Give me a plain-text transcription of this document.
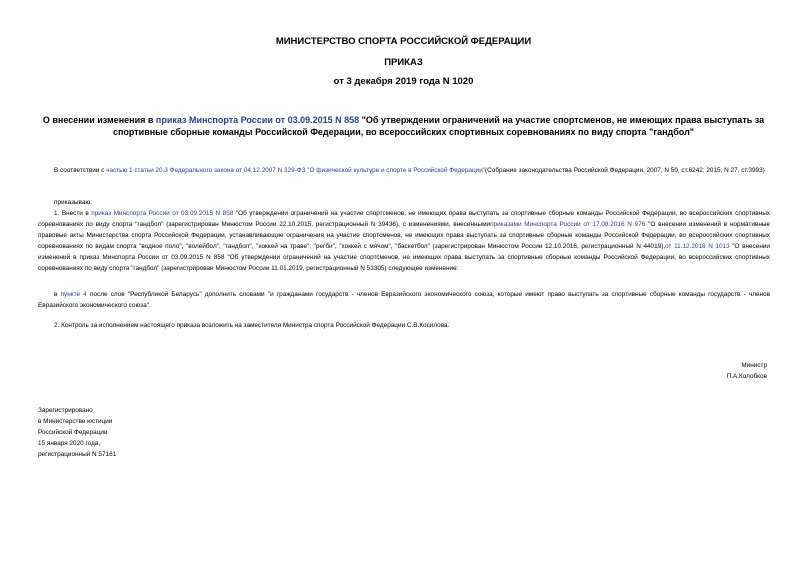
МИНИСТЕРСТВО СПОРТА РОССИЙСКОЙ ФЕДЕРАЦИИ
ПРИКАЗ
от 3 декабря 2019 года N 1020
О внесении изменения в приказ Минспорта России от 03.09.2015 N 858 "Об утверждении ограничений на участие спортсменов, не имеющих права выступать за спортивные сборные команды Российской Федерации, во всероссийских спортивных соревнованиях по виду спорта "гандбол"
В соответствии с частью 1 статьи 20.3 Федерального закона от 04.12.2007 N 329-ФЗ "О физической культуре и спорте в Российской Федерации"(Собрание законодательства Российской Федерации, 2007, N 50, ст.6242; 2015, N 27, ст.3993)
приказываю:
1. Внести в приказ Минспорта России от 03.09.2015 N 858 "Об утверждении ограничений на участие спортсменов, не имеющих права выступать за спортивные сборные команды Российской Федерации, во всероссийских спортивных соревнованиях по виду спорта "гандбол" (зарегистрирован Минюстом России 22.10.2015, регистрационный N 39436), с изменениями, внесеннымиприказами Минспорта России от 17.08.2016 N 976 "О внесении изменений в нормативные правовые акты Министерства спорта Российской Федерации, устанавливающие ограничения на участие спортсменов, не имеющих права выступать за спортивные сборные команды Российской Федерации, во всероссийских спортивных соревнованиях по видам спорта "водное поло", "волейбол", "гандбол", "хоккей на траве", "регби", "хоккей с мячом", "баскетбол" (зарегистрирован Минюстом России 12.10.2016, регистрационный N 44019),от 11.12.2018 N 1013 "О внесении изменений в приказ Минспорта России от 03.09.2015 N 858 "Об утверждении ограничений на участие спортсменов, не имеющих права выступать за спортивные сборные команды Российской Федерации, во всероссийских спортивных соревнованиях по виду спорта "гандбол" (зарегистрирован Минюстом России 11.01.2019, регистрационный N 53305) следующее изменение:
в пункте 4 после слов "Республикой Беларусь" дополнить словами "и гражданами государств - членов Евразийского экономического союза, которые имеют право выступать за спортивные сборные команды государств - членов Евразийского экономического союза".
2. Контроль за исполнением настоящего приказа возложить на заместителя Министра спорта Российской Федерации С.В.Косилова.
Министр
П.А.Колобков
Зарегистрировано
в Министерстве юстиции
Российской Федерации
15 января 2020 года,
регистрационный N 57161
